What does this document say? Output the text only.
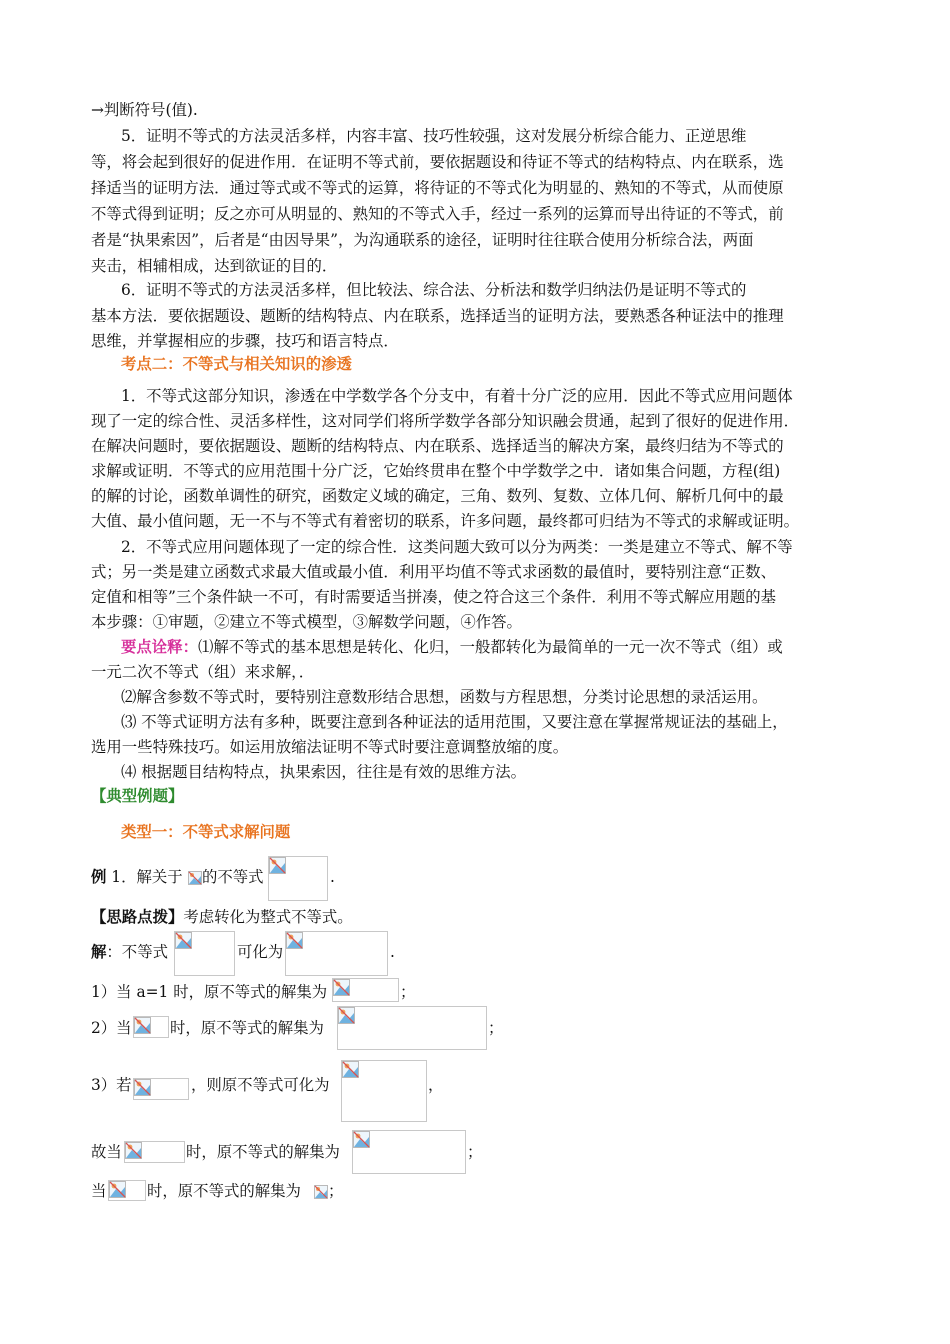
→判断符号(值).
5．证明不等式的方法灵活多样，内容丰富、技巧性较强，这对发展分析综合能力、正逆思维
等，将会起到很好的促进作用．在证明不等式前，要依据题设和待证不等式的结构特点、内在联系，选
择适当的证明方法．通过等式或不等式的运算，将待证的不等式化为明显的、熟知的不等式，从而使原
不等式得到证明；反之亦可从明显的、熟知的不等式入手，经过一系列的运算而导出待证的不等式，前
者是“执果索因”，后者是“由因导果”，为沟通联系的途径，证明时往往联合使用分析综合法，两面
夹击，相辅相成，达到欲证的目的．
6．证明不等式的方法灵活多样，但比较法、综合法、分析法和数学归纳法仍是证明不等式的
基本方法．要依据题设、题断的结构特点、内在联系，选择适当的证明方法，要熟悉各种证法中的推理
思维，并掌握相应的步骤，技巧和语言特点．
考点二：不等式与相关知识的渗透
1．不等式这部分知识，渗透在中学数学各个分支中，有着十分广泛的应用．因此不等式应用问题体
现了一定的综合性、灵活多样性，这对同学们将所学数学各部分知识融会贯通，起到了很好的促进作用．
在解决问题时，要依据题设、题断的结构特点、内在联系、选择适当的解决方案，最终归结为不等式的
求解或证明．不等式的应用范围十分广泛，它始终贯串在整个中学数学之中．诸如集合问题，方程(组)
的解的讨论，函数单调性的研究，函数定义域的确定，三角、数列、复数、立体几何、解析几何中的最
大值、最小值问题，无一不与不等式有着密切的联系，许多问题，最终都可归结为不等式的求解或证明。
2．不等式应用问题体现了一定的综合性．这类问题大致可以分为两类：一类是建立不等式、解不等
式；另一类是建立函数式求最大值或最小值．利用平均值不等式求函数的最值时，要特别注意“正数、
定值和相等”三个条件缺一不可，有时需要适当拼凑，使之符合这三个条件．利用不等式解应用题的基
本步骤：①审题，②建立不等式模型，③解数学问题，④作答。
要点诠释：⑴解不等式的基本思想是转化、化归，一般都转化为最简单的一元一次不等式（组）或
一元二次不等式（组）来求解，．
⑵解含参数不等式时，要特别注意数形结合思想，函数与方程思想，分类讨论思想的录活运用。
⑶ 不等式证明方法有多种，既要注意到各种证法的适用范围，又要注意在掌握常规证法的基础上，
选用一些特殊技巧。如运用放缩法证明不等式时要注意调整放缩的度。
⑷ 根据题目结构特点，执果索因，往往是有效的思维方法。
【典型例题】
类型一：不等式求解问题
例 1．解关于 的不等式	.
【思路点拨】考虑转化为整式不等式。
解：不等式	可化为	.
1）当 a=1 时，原不等式的解集为	；
2）当 时，原不等式的解集为	；
3）若	，则原不等式可化为	，
故当	时，原不等式的解集为	；
当	时，原不等式的解集为 ；
